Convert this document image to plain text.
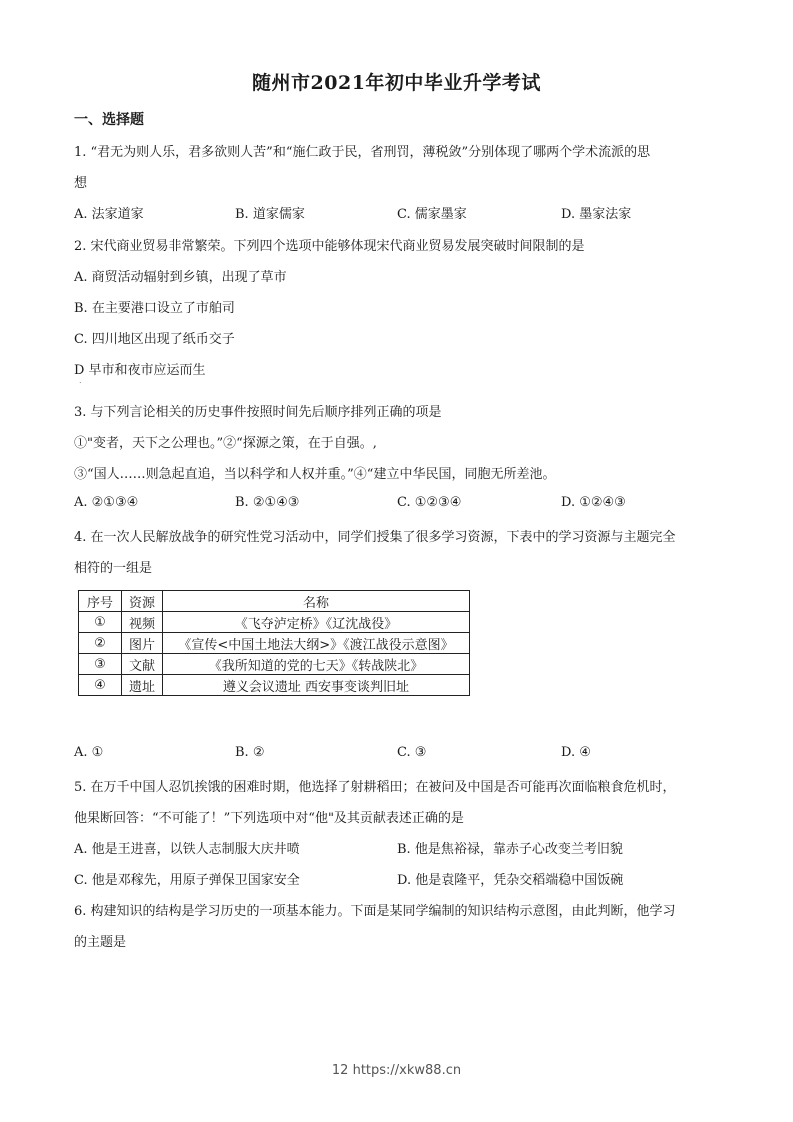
随州市2021年初中毕业升学考试
一、选择题
1. “君无为则人乐，君多欲则人苦”和“施仁政于民，省刑罚，薄税敛”分别体现了哪两个学术流派的思
想
A. 法家道家	B. 道家儒家	C. 儒家墨家	D. 墨家法家
2. 宋代商业贸易非常繁荣。下列四个选项中能够体现宋代商业贸易发展突破时间限制的是
A. 商贸活动辐射到乡镇，出现了草市
B. 在主要港口设立了市舶司
C. 四川地区出现了纸币交子
D 早市和夜市应运而生
.
3. 与下列言论相关的历史事件按照时间先后顺序排列正确的项是
①"变者，天下之公理也。”②“探源之策，在于自强。,
③“国人……则急起直追，当以科学和人权并重。”④“建立中华民国，同胞无所差池。
A. ②①③④	B. ②①④③	C. ①②③④	D. ①②④③
4. 在一次人民解放战争的研究性党习活动中，同学们授集了很多学习资源，下表中的学习资源与主题完全
相符的一组是
序号	资源	名称
①	视频	《飞夺泸定桥》《辽沈战役》
②	图片	《宣传<中国土地法大纲>》《渡江战役示意图》
③	文献	《我所知道的党的七天》《转战陕北》
④	遗址	遵义会议遗址 西安事变谈判旧址
A. ①	B. ②	C. ③	D. ④
5. 在万千中国人忍饥挨饿的困难时期，他选择了射耕稻田；在被问及中国是否可能再次面临粮食危机时，
他果断回答：“不可能了！”下列选项中对“他"及其贡献表述正确的是
A. 他是王进喜，以铁人志制服大庆井喷	B. 他是焦裕禄，靠赤子心改变兰考旧貌
C. 他是邓稼先，用原子弹保卫国家安全	D. 他是袁隆平，凭杂交稻端稳中国饭碗
6. 构建知识的结构是学习历史的一项基本能力。下面是某同学编制的知识结构示意图，由此判断，他学习
的主题是
12 https://xkw88.cn
